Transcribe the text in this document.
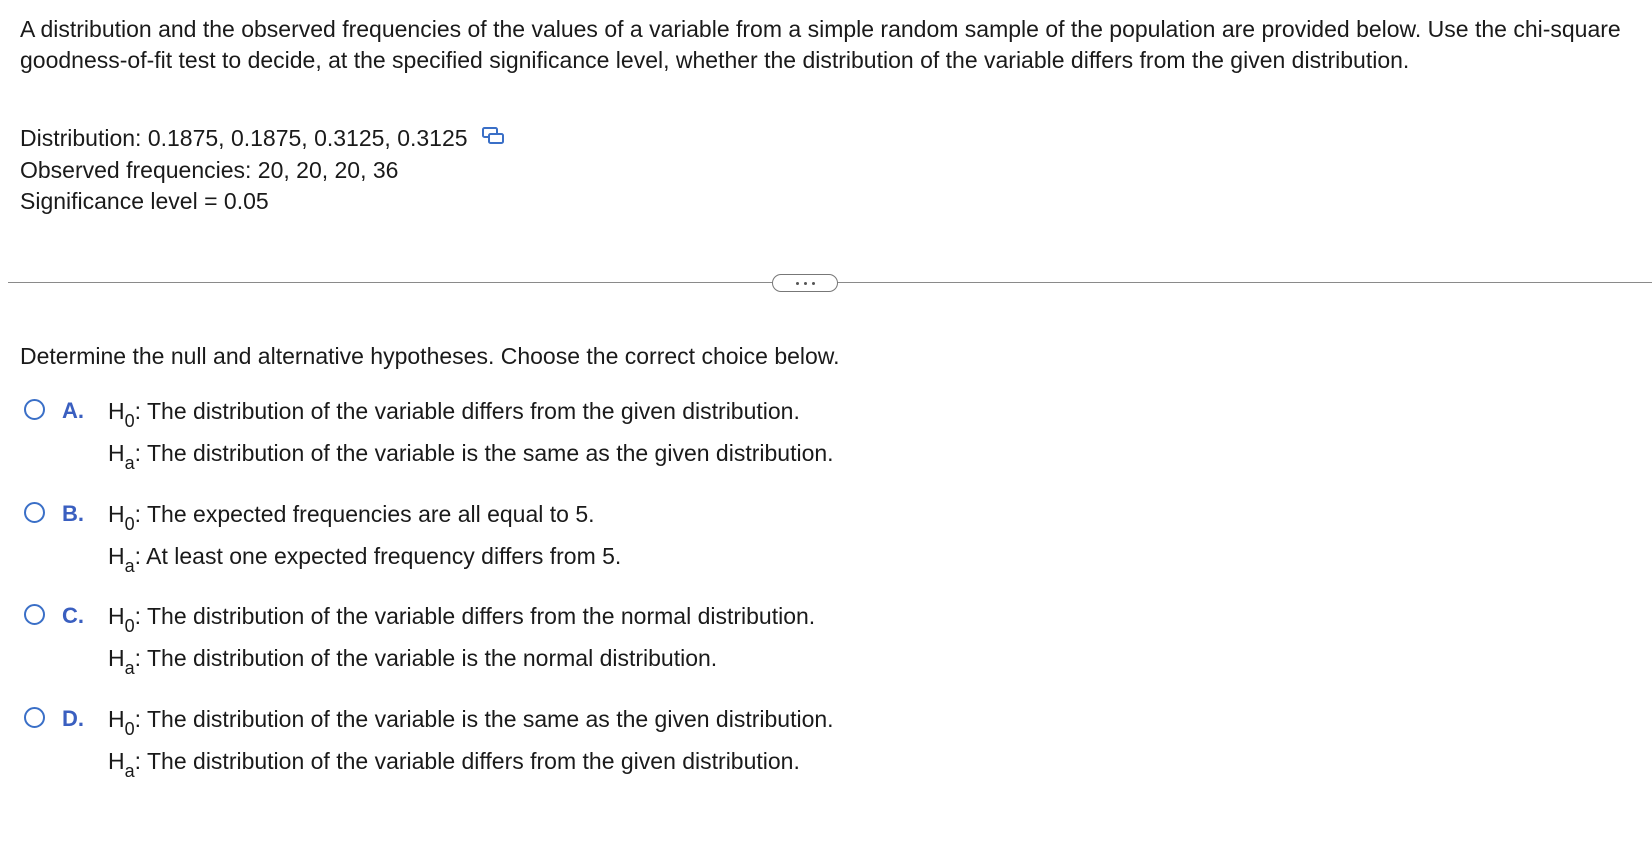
A distribution and the observed frequencies of the values of a variable from a simple random sample of the population are provided below. Use the chi-square goodness-of-fit test to decide, at the specified significance level, whether the distribution of the variable differs from the given distribution.
Distribution: 0.1875, 0.1875, 0.3125, 0.3125
Observed frequencies: 20, 20, 20, 36
Significance level = 0.05
Determine the null and alternative hypotheses. Choose the correct choice below.
A. $H_0$: The distribution of the variable differs from the given distribution.
$H_a$: The distribution of the variable is the same as the given distribution.
B. $H_0$: The expected frequencies are all equal to 5.
$H_a$: At least one expected frequency differs from 5.
C. $H_0$: The distribution of the variable differs from the normal distribution.
$H_a$: The distribution of the variable is the normal distribution.
D. $H_0$: The distribution of the variable is the same as the given distribution.
$H_a$: The distribution of the variable differs from the given distribution.
